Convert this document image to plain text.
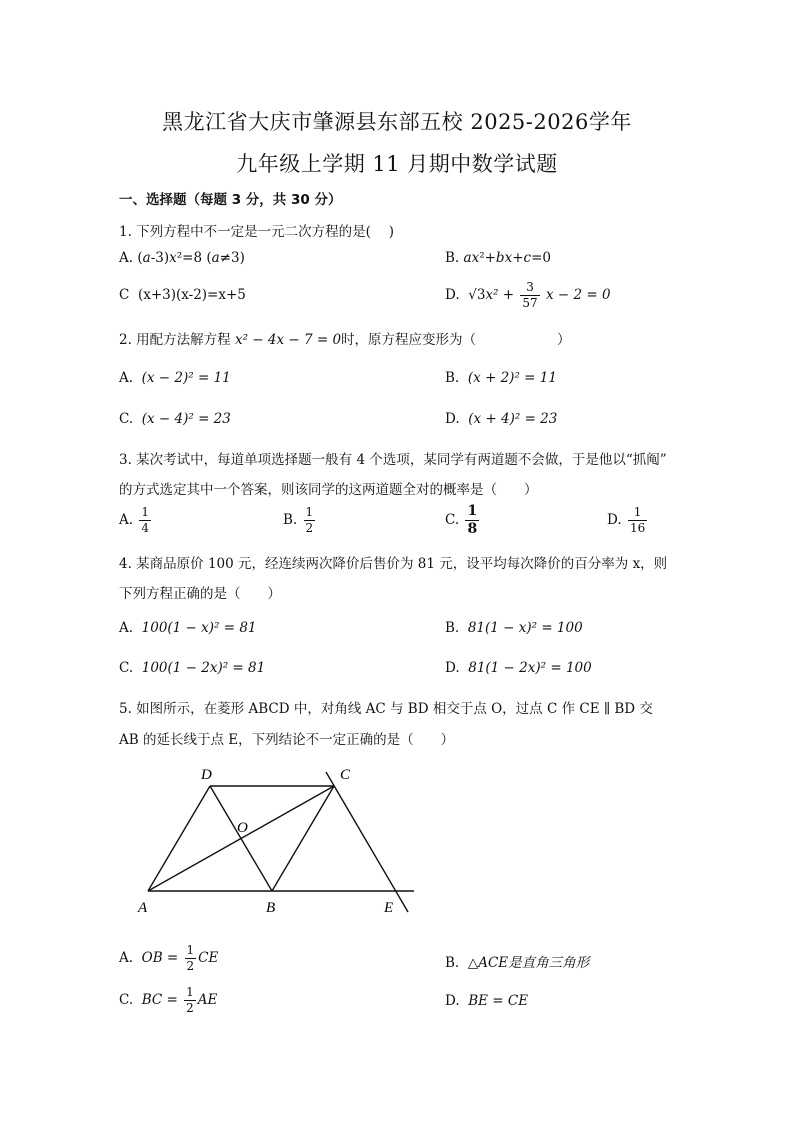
黑龙江省大庆市肇源县东部五校 2025-2026学年
九年级上学期 11 月期中数学试题
一、选择题（每题 3 分，共 30 分）
1. 下列方程中不一定是一元二次方程的是(　 )
A. (a-3)x²=8 (a≠3)	B. ax²+bx+c=0
C (x+3)(x-2)=x+5	D. $√3x^2 + \frac{3}{57}$ x − 2 = 0
2. 用配方法解方程 x² − 4x − 7 = 0时，原方程应变形为（　　　　　　）
A. (x − 2)² = 11	B. (x + 2)² = 11
C. (x − 4)² = 23	D. (x + 4)² = 23
3. 某次考试中，每道单项选择题一般有 4 个选项，某同学有两道题不会做，于是他以“抓阄”
的方式选定其中一个答案，则该同学的这两道题全对的概率是（　　）
A. $\frac{1}{4}$	B. $\frac{1}{2}$	C. $\frac{1}{8}$	D. $\frac{1}{16}$
4. 某商品原价 100 元，经连续两次降价后售价为 81 元，设平均每次降价的百分率为 x，则
下列方程正确的是（　　）
A. 100(1 − x)² = 81	B. 81(1 − x)² = 100
C. 100(1 − 2x)² = 81	D. 81(1 − 2x)² = 100
5. 如图所示，在菱形 ABCD 中，对角线 AC 与 BD 相交于点 O，过点 C 作 CE ∥ BD 交
AB 的延长线于点 E，下列结论不一定正确的是（　　）
D	C
O
A	B	E
A. OB = $\frac{1}{2}$ CE	B. △ACE是直角三角形
C. BC = $\frac{1}{2}$ AE	D. BE = CE
